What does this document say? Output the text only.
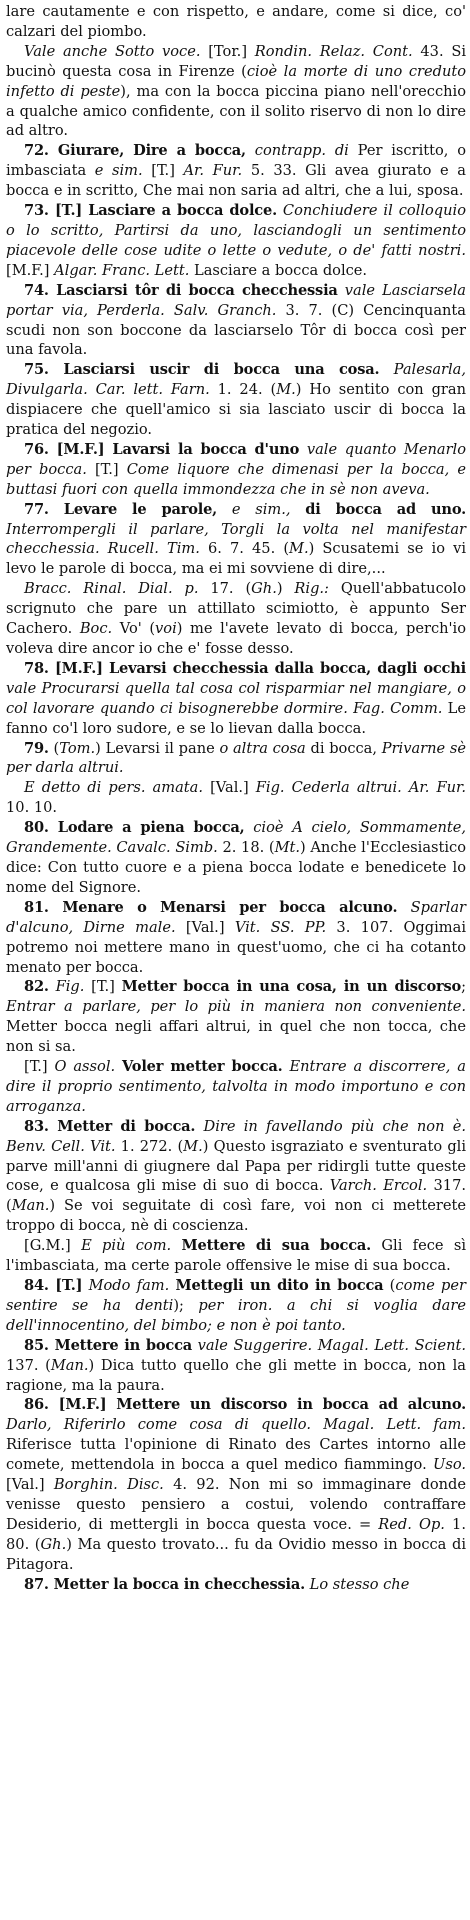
lare cautamente e con rispetto, e andare, come si dice, co' calzari del piombo.

Vale anche Sotto voce. [Tor.] Rondin. Relaz. Cont. 43. Si bucinò questa cosa in Firenze (cioè la morte di uno creduto infetto di peste), ma con la bocca piccina piano nell'orecchio a qualche amico confidente, con il solito riservo di non lo dire ad altro.

72. Giurare, Dire a bocca, contrapp. di Per iscritto, o imbasciata e sim. [T.] Ar. Fur. 5. 33. Gli avea giurato e a bocca e in scritto, Che mai non saria ad altri, che a lui, sposa.

73. [T.] Lasciare a bocca dolce. Conchiudere il colloquio o lo scritto, Partirsi da uno, lasciandogli un sentimento piacevole delle cose udite o lette o vedute, o de' fatti nostri. [M.F.] Algar. Franc. Lett. Lasciare a bocca dolce.

74. Lasciarsi tôr di bocca checchessia vale Lasciarsela portar via, Perderla. Salv. Granch. 3. 7. (C) Cencinquanta scudi non son boccone da lasciarselo Tôr di bocca così per una favola.

75. Lasciarsi uscir di bocca una cosa. Palesarla, Divulgarla. Car. lett. Farn. 1. 24. (M.) Ho sentito con gran dispiacere che quell'amico si sia lasciato uscir di bocca la pratica del negozio.

76. [M.F.] Lavarsi la bocca d'uno vale quanto Menarlo per bocca. [T.] Come liquore che dimenasi per la bocca, e buttasi fuori con quella immondezza che in sè non aveva.

77. Levare le parole, e sim., di bocca ad uno. Interrompergli il parlare, Torgli la volta nel manifestar checchessia. Rucell. Tim. 6. 7. 45. (M.) Scusatemi se io vi levo le parole di bocca, ma ei mi sovviene di dire,...

Bracc. Rinal. Dial. p. 17. (Gh.) Rig.: Quell'abbatucolo scrignuto che pare un attillato scimiotto, è appunto Ser Cachero. Boc. Vo' (voi) me l'avete levato di bocca, perch'io voleva dire ancor io che e' fosse desso.

78. [M.F.] Levarsi checchessia dalla bocca, dagli occhi vale Procurarsi quella tal cosa col risparmiar nel mangiare, o col lavorare quando ci bisognerebbe dormire. Fag. Comm. Le fanno co'l loro sudore, e se lo lievan dalla bocca.

79. (Tom.) Levarsi il pane o altra cosa di bocca, Privarne sè per darla altrui.

E detto di pers. amata. [Val.] Fig. Cederla altrui. Ar. Fur. 10. 10.

80. Lodare a piena bocca, cioè A cielo, Sommamente, Grandemente. Cavalc. Simb. 2. 18. (Mt.) Anche l'Ecclesiastico dice: Con tutto cuore e a piena bocca lodate e benedicete lo nome del Signore.

81. Menare o Menarsi per bocca alcuno. Sparlar d'alcuno, Dirne male. [Val.] Vit. SS. PP. 3. 107. Oggimai potremo noi mettere mano in quest'uomo, che ci ha cotanto menato per bocca.

82. Fig. [T.] Metter bocca in una cosa, in un discorso; Entrar a parlare, per lo più in maniera non conveniente. Metter bocca negli affari altrui, in quel che non tocca, che non si sa.

[T.] O assol. Voler metter bocca. Entrare a discorrere, a dire il proprio sentimento, talvolta in modo importuno e con arroganza.

83. Metter di bocca. Dire in favellando più che non è. Benv. Cell. Vit. 1. 272. (M.) Questo isgraziato e sventurato gli parve mill'anni di giugnere dal Papa per ridirgli tutte queste cose, e qualcosa gli mise di suo di bocca. Varch. Ercol. 317. (Man.) Se voi seguitate di così fare, voi non ci metterete troppo di bocca, nè di coscienza.

[G.M.] E più com. Mettere di sua bocca. Gli fece sì l'imbasciata, ma certe parole offensive le mise di sua bocca.

84. [T.] Modo fam. Mettegli un dito in bocca (come per sentire se ha denti); per iron. a chi si voglia dare dell'innocentino, del bimbo; e non è poi tanto.

85. Mettere in bocca vale Suggerire. Magal. Lett. Scient. 137. (Man.) Dica tutto quello che gli mette in bocca, non la ragione, ma la paura.

86. [M.F.] Mettere un discorso in bocca ad alcuno. Darlo, Riferirlo come cosa di quello. Magal. Lett. fam. Riferisce tutta l'opinione di Rinato des Cartes intorno alle comete, mettendola in bocca a quel medico fiammingo. Uso. [Val.] Borghin. Disc. 4. 92. Non mi so immaginare donde venisse questo pensiero a costui, volendo contraffare Desiderio, di mettergli in bocca questa voce. = Red. Op. 1. 80. (Gh.) Ma questo trovato... fu da Ovidio messo in bocca di Pitagora.

87. Metter la bocca in checchessia. Lo stesso che
